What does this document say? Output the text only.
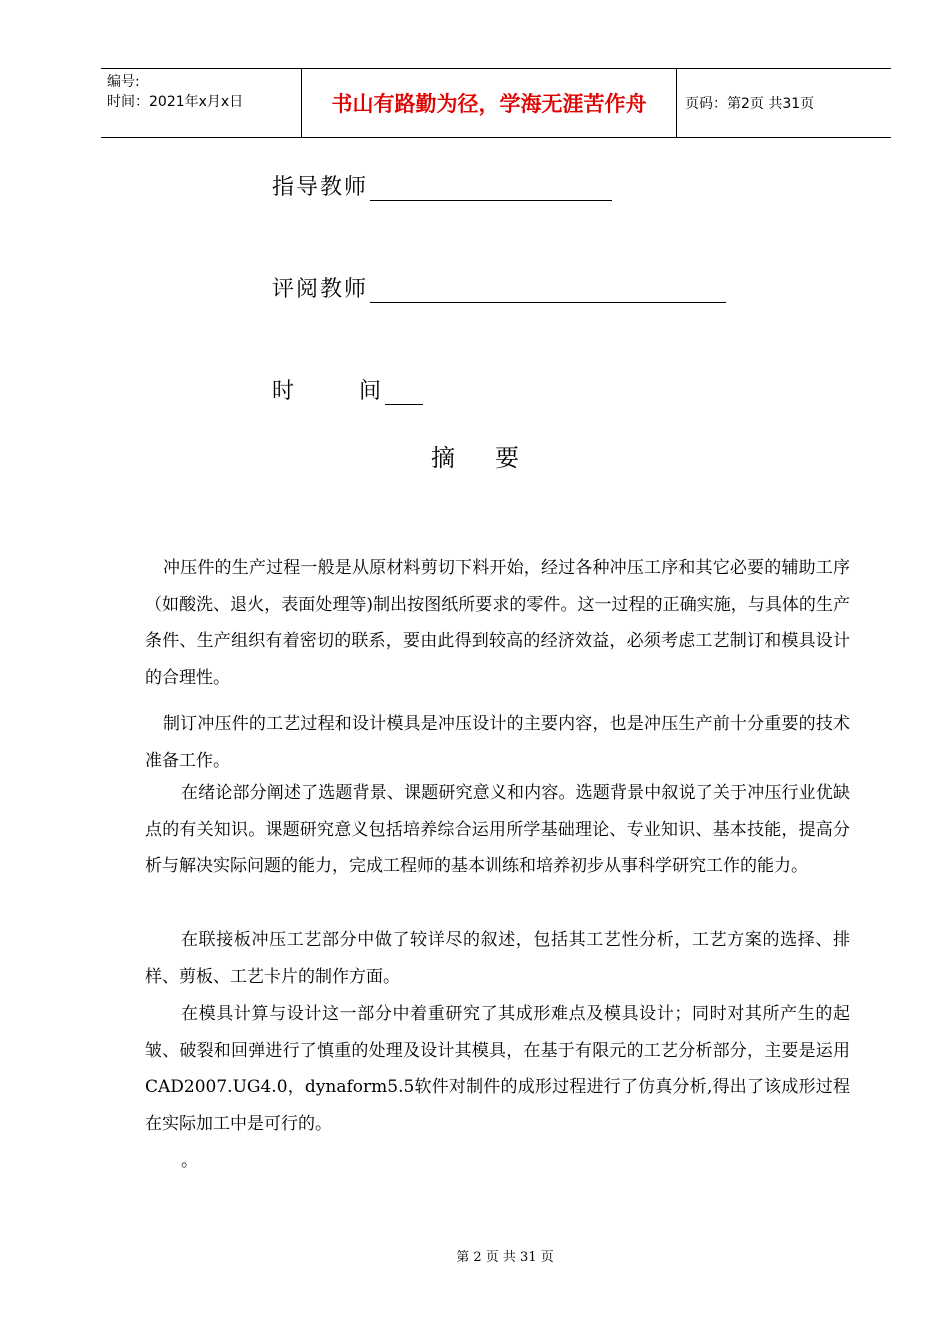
编号:
时间：2021年x月x日	书山有路勤为径，学海无涯苦作舟	页码：第2页 共31页
指导教师
评阅教师
时       间
摘要

冲压件的生产过程一般是从原材料剪切下料开始，经过各种冲压工序和其它必要的辅助工序（如酸洗、退火，表面处理等)制出按图纸所要求的零件。这一过程的正确实施，与具体的生产条件、生产组织有着密切的联系，要由此得到较高的经济效益，必须考虑工艺制订和模具设计的合理性。

制订冲压件的工艺过程和设计模具是冲压设计的主要内容，也是冲压生产前十分重要的技术准备工作。

在绪论部分阐述了选题背景、课题研究意义和内容。选题背景中叙说了关于冲压行业优缺点的有关知识。课题研究意义包括培养综合运用所学基础理论、专业知识、基本技能，提高分析与解决实际问题的能力，完成工程师的基本训练和培养初步从事科学研究工作的能力。

在联接板冲压工艺部分中做了较详尽的叙述，包括其工艺性分析，工艺方案的选择、排样、剪板、工艺卡片的制作方面。

在模具计算与设计这一部分中着重研究了其成形难点及模具设计；同时对其所产生的起皱、破裂和回弹进行了慎重的处理及设计其模具，在基于有限元的工艺分析部分，主要是运用CAD2007.UG4.0，dynaform5.5软件对制件的成形过程进行了仿真分析,得出了该成形过程在实际加工中是可行的。

。

第 2 页 共 31 页
